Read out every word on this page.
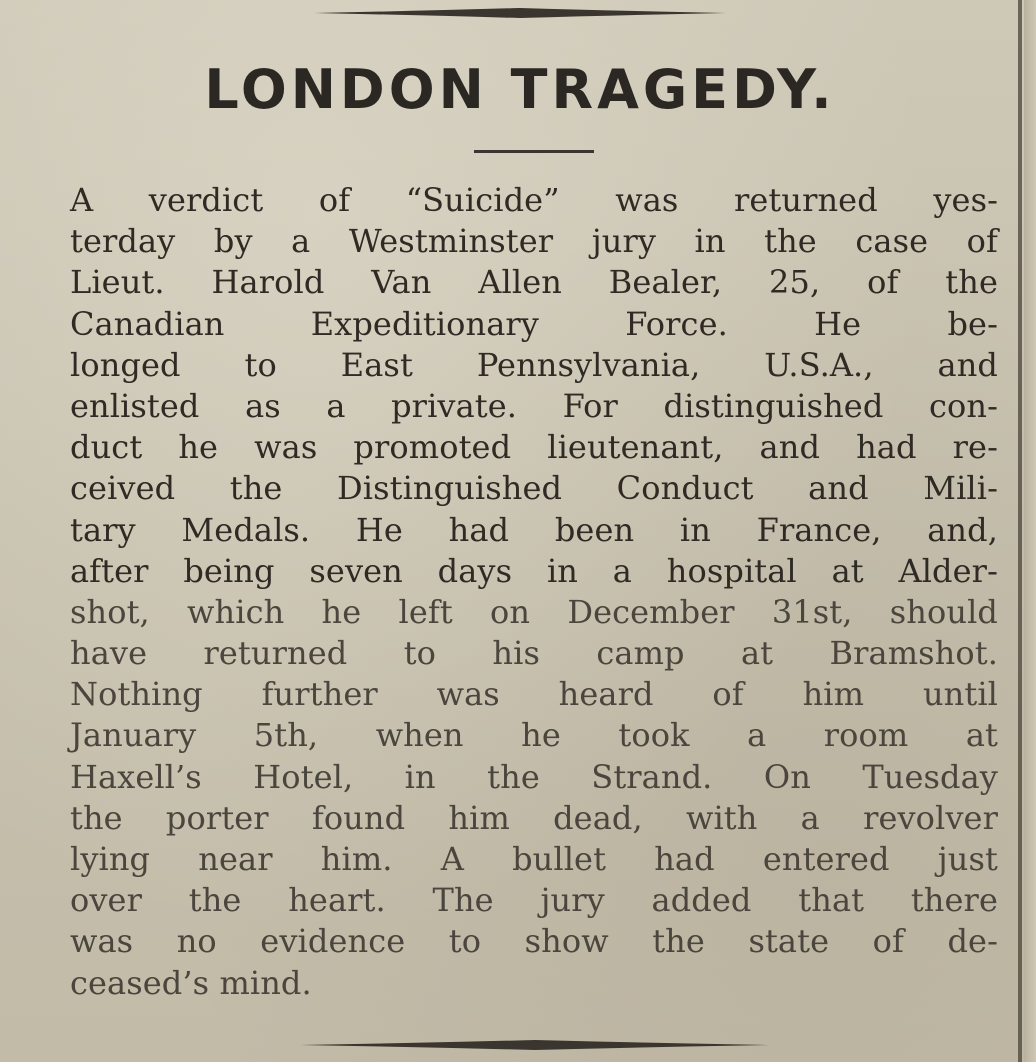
LONDON TRAGEDY.
A verdict of “Suicide” was returned yes-
terday by a Westminster jury in the case of
Lieut. Harold Van Allen Bealer, 25, of the
Canadian Expeditionary Force. He be-
longed to East Pennsylvania, U.S.A., and
enlisted as a private. For distinguished con-
duct he was promoted lieutenant, and had re-
ceived the Distinguished Conduct and Mili-
tary Medals. He had been in France, and,
after being seven days in a hospital at Alder-
shot, which he left on December 31st, should
have returned to his camp at Bramshot.
Nothing further was heard of him until
January 5th, when he took a room at
Haxell’s Hotel, in the Strand. On Tuesday
the porter found him dead, with a revolver
lying near him. A bullet had entered just
over the heart. The jury added that there
was no evidence to show the state of de-
ceased’s mind.
